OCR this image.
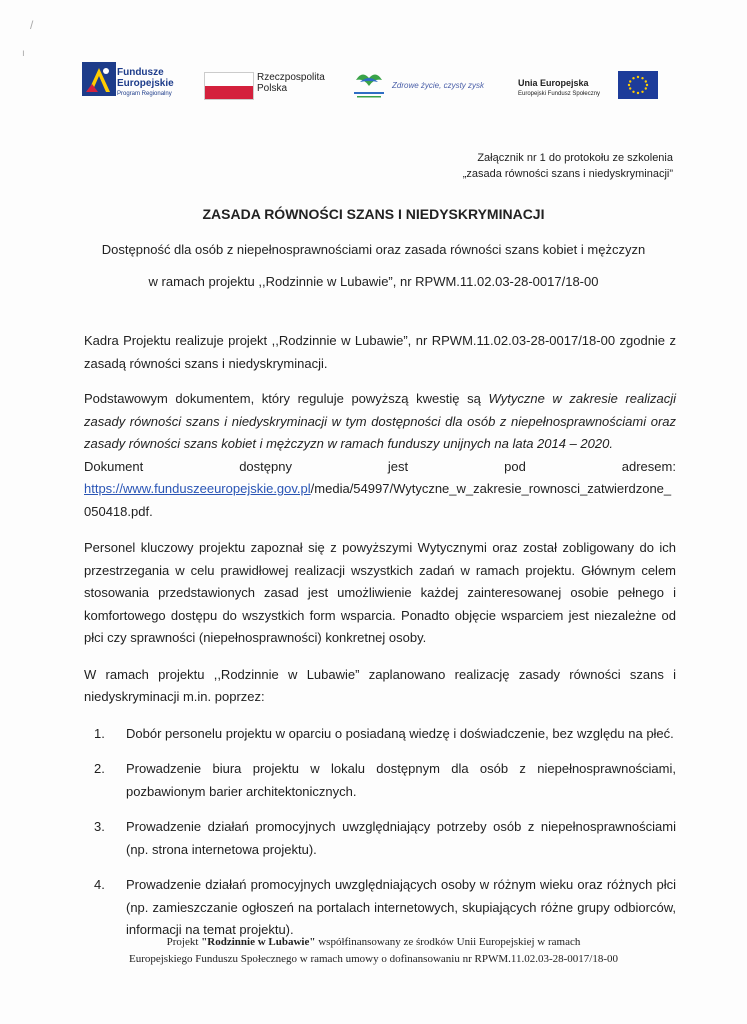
/
ı
Fundusze
Europejskie
Program Regionalny
Rzeczpospolita
Polska	Zdrowe życie, czysty zysk	Unia Europejska
Europejski Fundusz Społeczny
Załącznik nr 1 do protokołu ze szkolenia
„zasada równości szans i niedyskryminacji”
ZASADA RÓWNOŚCI SZANS I NIEDYSKRYMINACJI
Dostępność dla osób z niepełnosprawnościami oraz zasada równości szans kobiet i mężczyzn
w ramach projektu ,,Rodzinnie w Lubawie”, nr RPWM.11.02.03-28-0017/18-00

Kadra Projektu realizuje projekt ,,Rodzinnie w Lubawie”, nr RPWM.11.02.03-28-0017/18-00 zgodnie z zasadą równości szans i niedyskryminacji.

Podstawowym dokumentem, który reguluje powyższą kwestię są Wytyczne w zakresie realizacji zasady równości szans i niedyskryminacji w tym dostępności dla osób z niepełnosprawnościami oraz zasady równości szans kobiet i mężczyzn w ramach funduszy unijnych na lata 2014 – 2020.

Dokument	dostępny	jest	pod	adresem:

https://www.funduszeeuropejskie.gov.pl/media/54997/Wytyczne_w_zakresie_rownosci_zatwierdzone_050418.pdf.

Personel kluczowy projektu zapoznał się z powyższymi Wytycznymi oraz został zobligowany do ich przestrzegania w celu prawidłowej realizacji wszystkich zadań w ramach projektu. Głównym celem stosowania przedstawionych zasad jest umożliwienie każdej zainteresowanej osobie pełnego i komfortowego dostępu do wszystkich form wsparcia. Ponadto objęcie wsparciem jest niezależne od płci czy sprawności (niepełnosprawności) konkretnej osoby.

W ramach projektu ,,Rodzinnie w Lubawie” zaplanowano realizację zasady równości szans i niedyskryminacji m.in. poprzez:

1. Dobór personelu projektu w oparciu o posiadaną wiedzę i doświadczenie, bez względu na płeć.
2. Prowadzenie biura projektu w lokalu dostępnym dla osób z niepełnosprawnościami, pozbawionym barier architektonicznych.
3. Prowadzenie działań promocyjnych uwzględniający potrzeby osób z niepełnosprawnościami (np. strona internetowa projektu).
4. Prowadzenie działań promocyjnych uwzględniających osoby w różnym wieku oraz różnych płci (np. zamieszczanie ogłoszeń na portalach internetowych, skupiających różne grupy odbiorców, informacji na temat projektu).
Projekt "Rodzinnie w Lubawie" współfinansowany ze środków Unii Europejskiej w ramach
Europejskiego Funduszu Społecznego w ramach umowy o dofinansowaniu nr RPWM.11.02.03-28-0017/18-00
